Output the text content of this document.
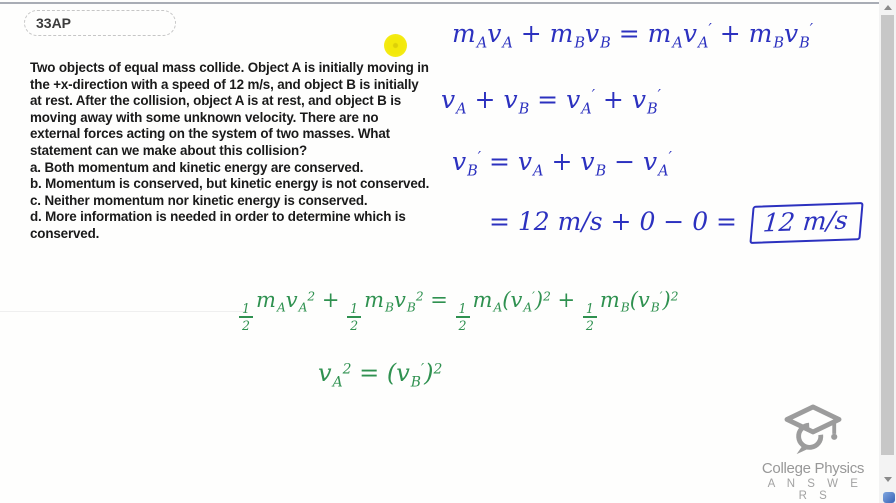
33AP

Two objects of equal mass collide. Object A is initially moving in the +x-direction with a speed of 12 m/s, and object B is initially at rest. After the collision, object A is at rest, and object B is moving away with some unknown velocity. There are no external forces acting on the system of two masses. What statement can we make about this collision?

a. Both momentum and kinetic energy are conserved.

b. Momentum is conserved, but kinetic energy is not conserved.

c. Neither momentum nor kinetic energy is conserved.

d. More information is needed in order to determine which is conserved.

$m_Av_A + m_Bv_B = m_Av_A' + m_Bv_B'$
$v_A + v_B = v_A' + v_B'$
$v_B' = v_A + v_B - v_A'$
= 12 m/s + 0 − 0 = 12 m/s
$\frac{1}{2}$
$m_Av_A^2$ +
$\frac{1}{2}$
$m_Bv_B^2$ =
$\frac{1}{2}$
$m_A(v_A')^2$ +
$\frac{1}{2}$
$m_B(v_B')^2$
$v_A^2 = (v_B')^2$
College Physics
A N S W E R S
